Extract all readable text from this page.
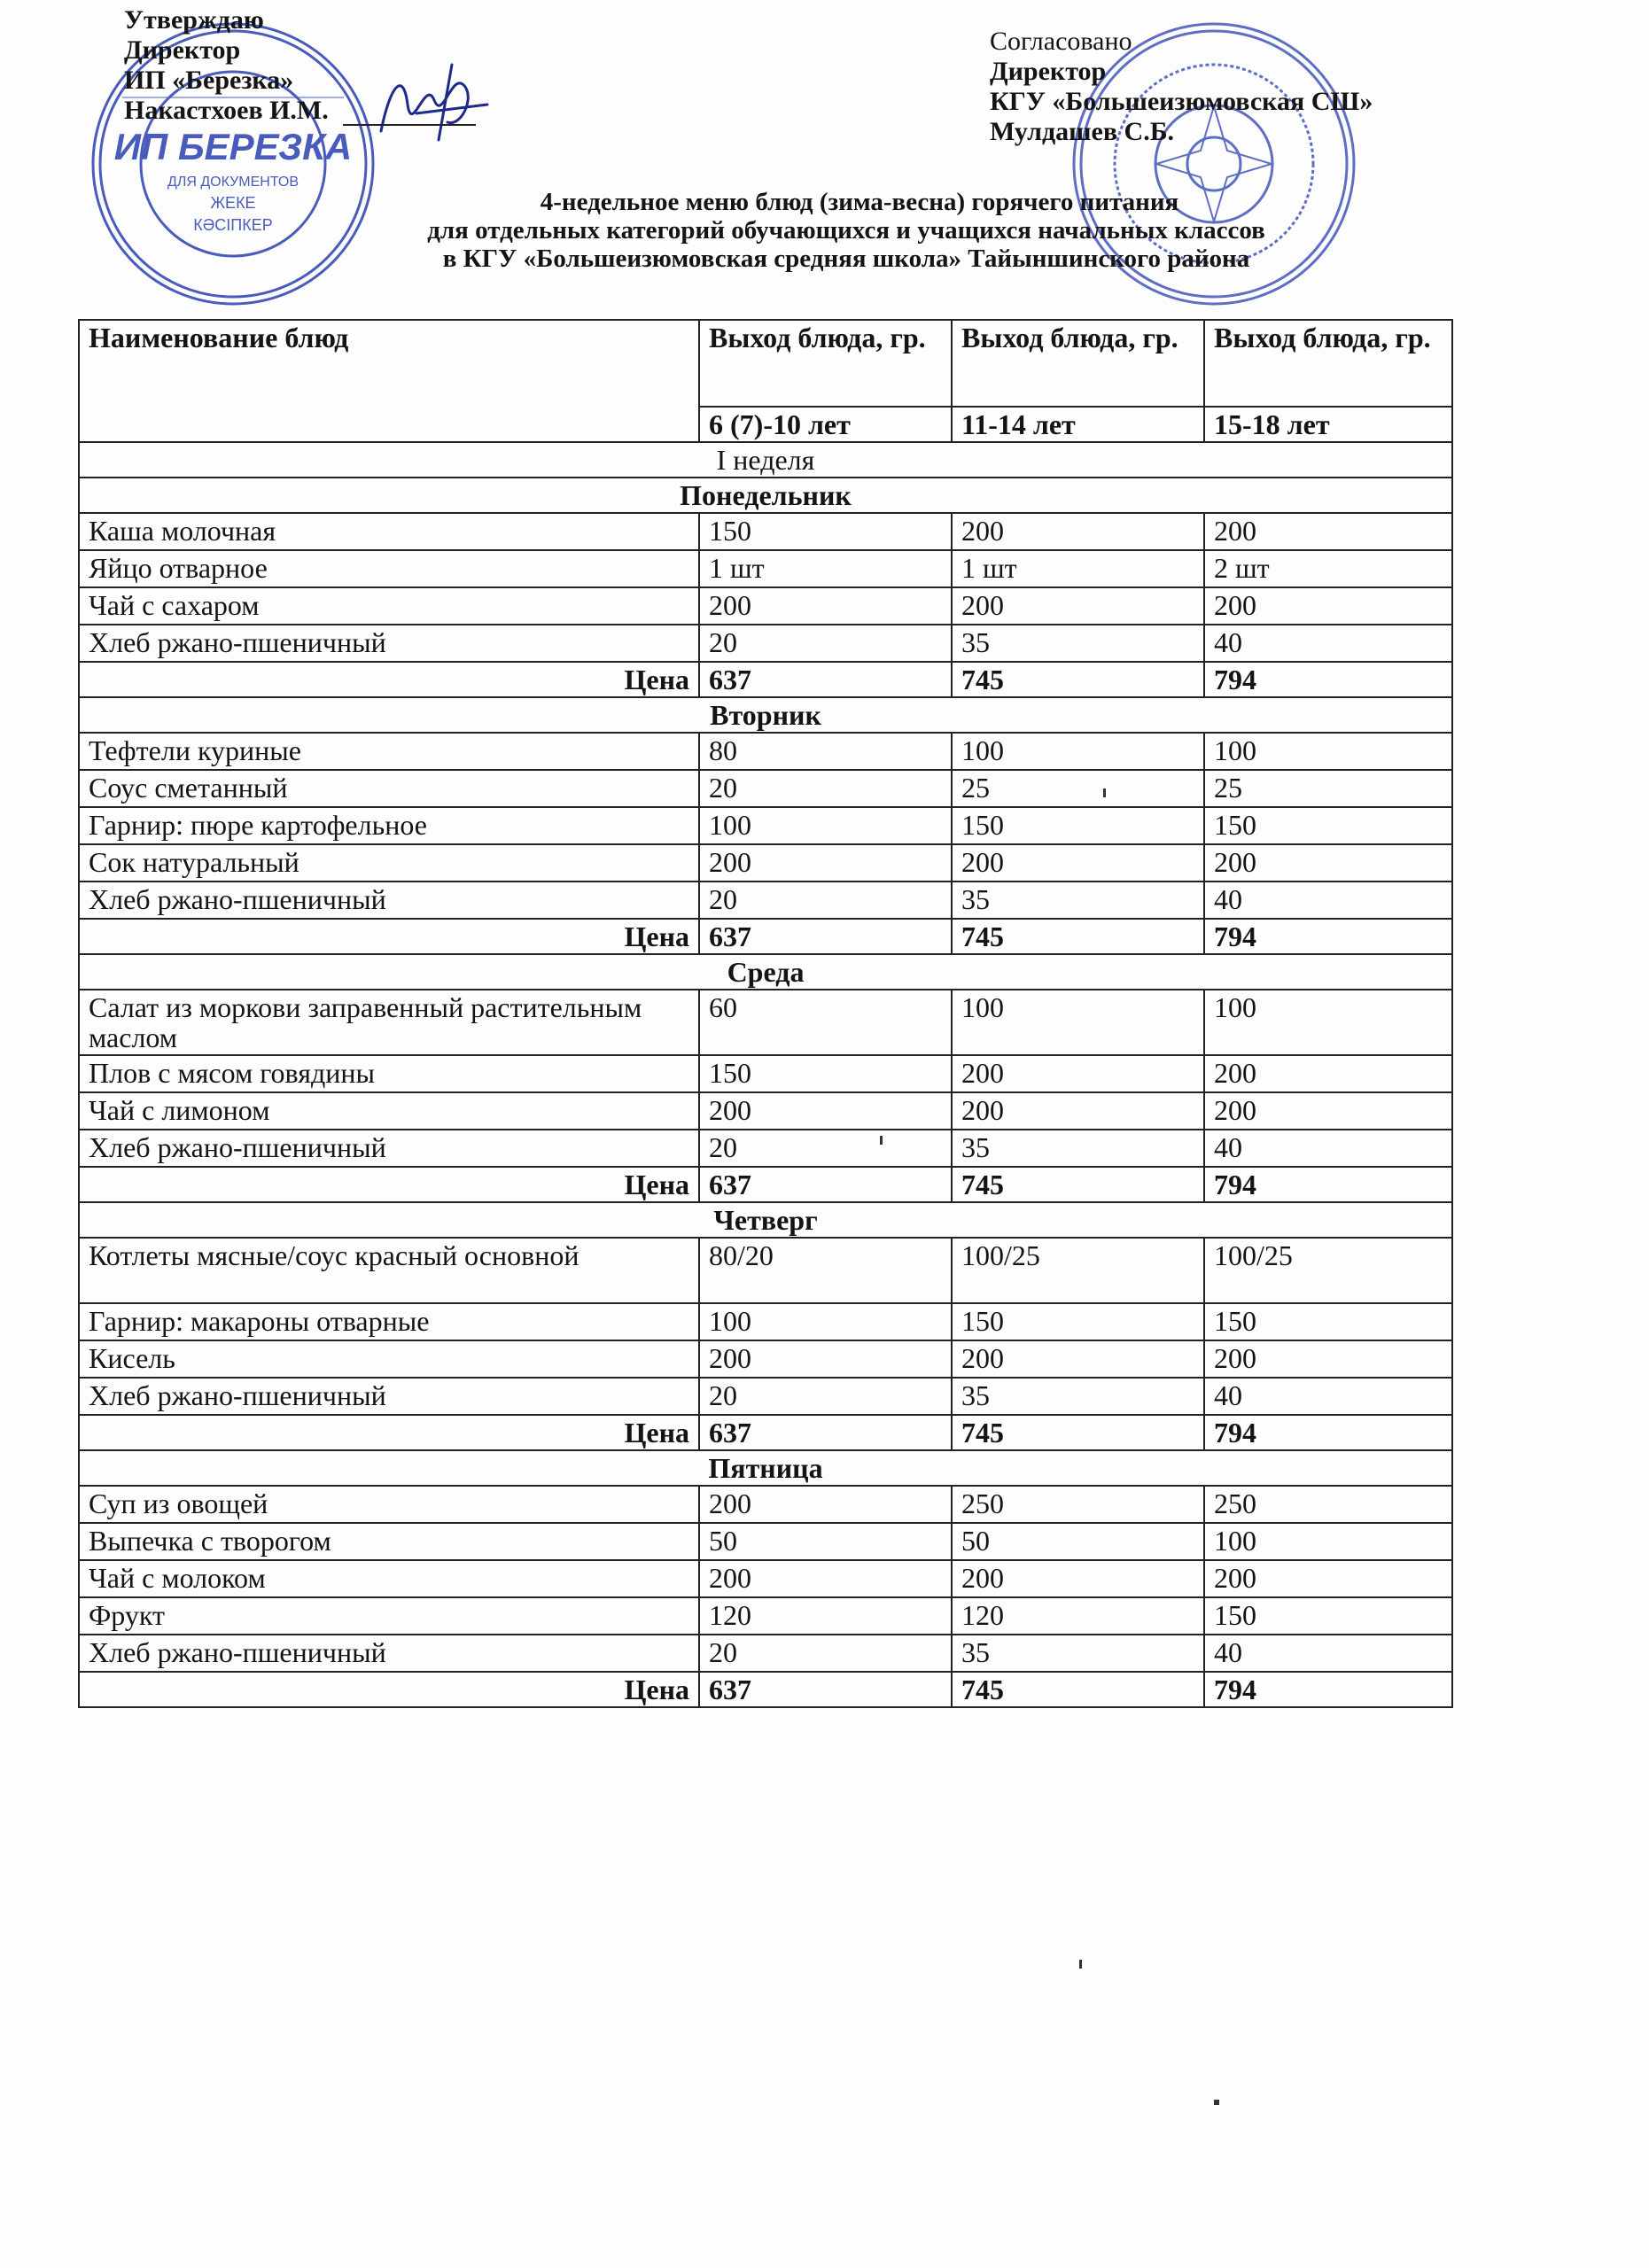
ИП БЕРЕЗКА
ДЛЯ ДОКУМЕНТОВ
ЖЕКЕ
КӘСІПКЕР
Утверждаю
Директор
ИП «Березка»
Накастхоев И.М.
Согласовано
Директор
КГУ «Большеизюмовская СШ»
Мулдашев С.Б.
4-недельное меню блюд (зима-весна) горячего питания
для отдельных категорий обучающихся и учащихся начальных классов
в КГУ «Большеизюмовская средняя школа» Тайыншинского района
Наименование блюд	Выход блюда, гр.	Выход блюда, гр.	Выход блюда, гр.
	6 (7)-10 лет	11-14 лет	15-18 лет
I неделя			
Понедельник			
Каша молочная	150	200	200
Яйцо отварное	1 шт	1 шт	2 шт
Чай с сахаром	200	200	200
Хлеб ржано-пшеничный	20	35	40
Цена	637	745	794
Вторник			
Тефтели куриные	80	100	100
Соус сметанный	20	25	25
Гарнир: пюре картофельное	100	150	150
Сок натуральный	200	200	200
Хлеб ржано-пшеничный	20	35	40
Цена	637	745	794
Среда			
Салат из моркови заправенный растительным маслом	60	100	100
Плов с мясом говядины	150	200	200
Чай с лимоном	200	200	200
Хлеб ржано-пшеничный	20	35	40
Цена	637	745	794
Четверг			
Котлеты мясные/соус красный основной	80/20	100/25	100/25
Гарнир: макароны отварные	100	150	150
Кисель	200	200	200
Хлеб ржано-пшеничный	20	35	40
Цена	637	745	794
Пятница			
Суп из овощей	200	250	250
Выпечка с творогом	50	50	100
Чай с молоком	200	200	200
Фрукт	120	120	150
Хлеб ржано-пшеничный	20	35	40
Цена	637	745	794
